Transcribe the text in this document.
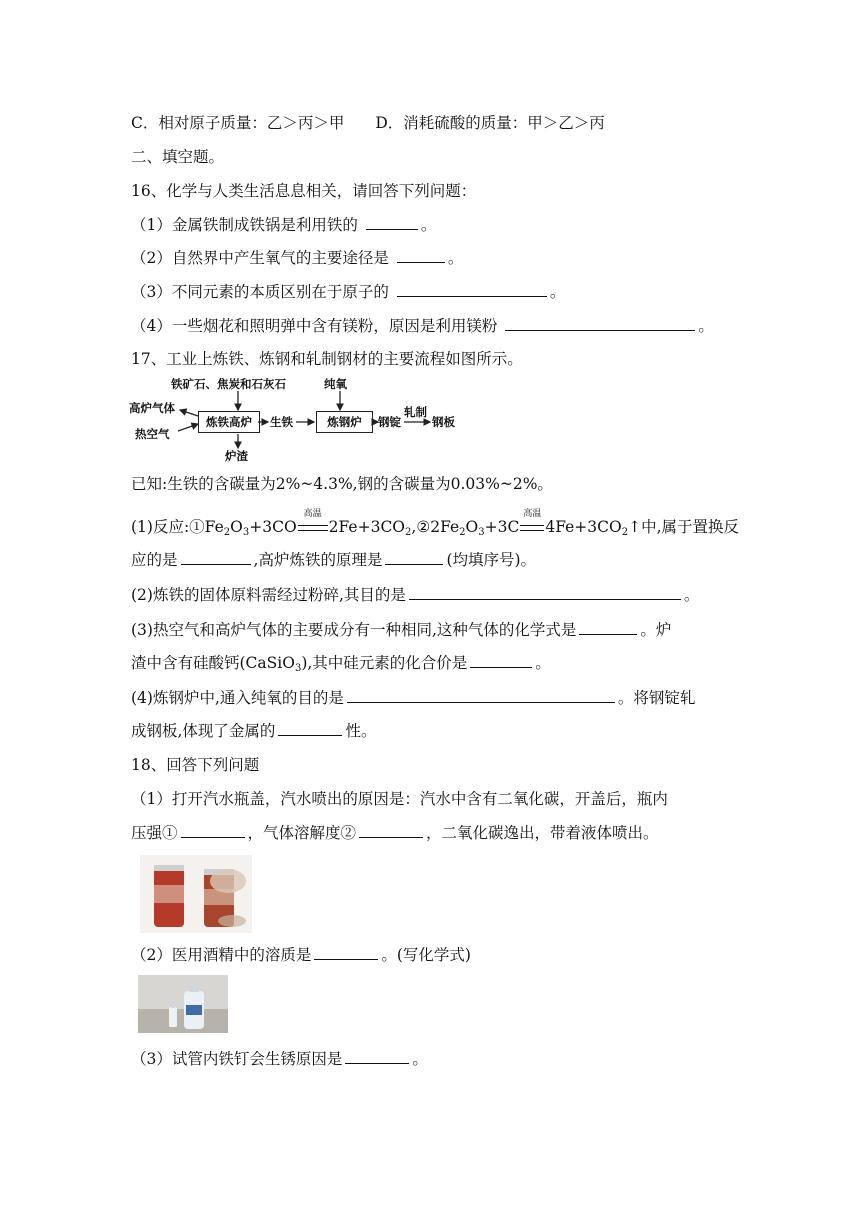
C．相对原子质量：乙＞丙＞甲　　D．消耗硫酸的质量：甲＞乙＞丙
二、填空题。
16、化学与人类生活息息相关，请回答下列问题：
（1）金属铁制成铁锅是利用铁的	。
（2）自然界中产生氧气的主要途径是	。
（3）不同元素的本质区别在于原子的	。
（4）一些烟花和照明弹中含有镁粉，原因是利用镁粉	。
17、工业上炼铁、炼钢和轧制钢材的主要流程如图所示。
铁矿石、焦炭和石灰石
高炉气体
热空气
炼铁高炉
炉渣
生铁
纯氧
炼钢炉	钢锭
轧制
钢板
已知:生铁的含碳量为2%~4.3%,钢的含碳量为0.03%~2%。
(1)反应$:①Fe_2O_3+3CO$
高温
$2Fe+3CO_2,②2Fe_2O_3+3C$
高温
$4Fe+3CO_2↑$中,属于置换反
应的是	,高炉炼铁的原理是	(均填序号)。
(2)炼铁的固体原料需经过粉碎,其目的是	。
(3)热空气和高炉气体的主要成分有一种相同,这种气体的化学式是	。炉
渣中含有硅酸钙(CaSiO$_3$),其中硅元素的化合价是	。
(4)炼钢炉中,通入纯氧的目的是	。将钢锭轧
成钢板,体现了金属的	性。
18、回答下列问题
（1）打开汽水瓶盖，汽水喷出的原因是：汽水中含有二氧化碳，开盖后，瓶内
压强①	，气体溶解度②	，二氧化碳逸出，带着液体喷出。
（2）医用酒精中的溶质是	。(写化学式)
（3）试管内铁钉会生锈原因是	。
